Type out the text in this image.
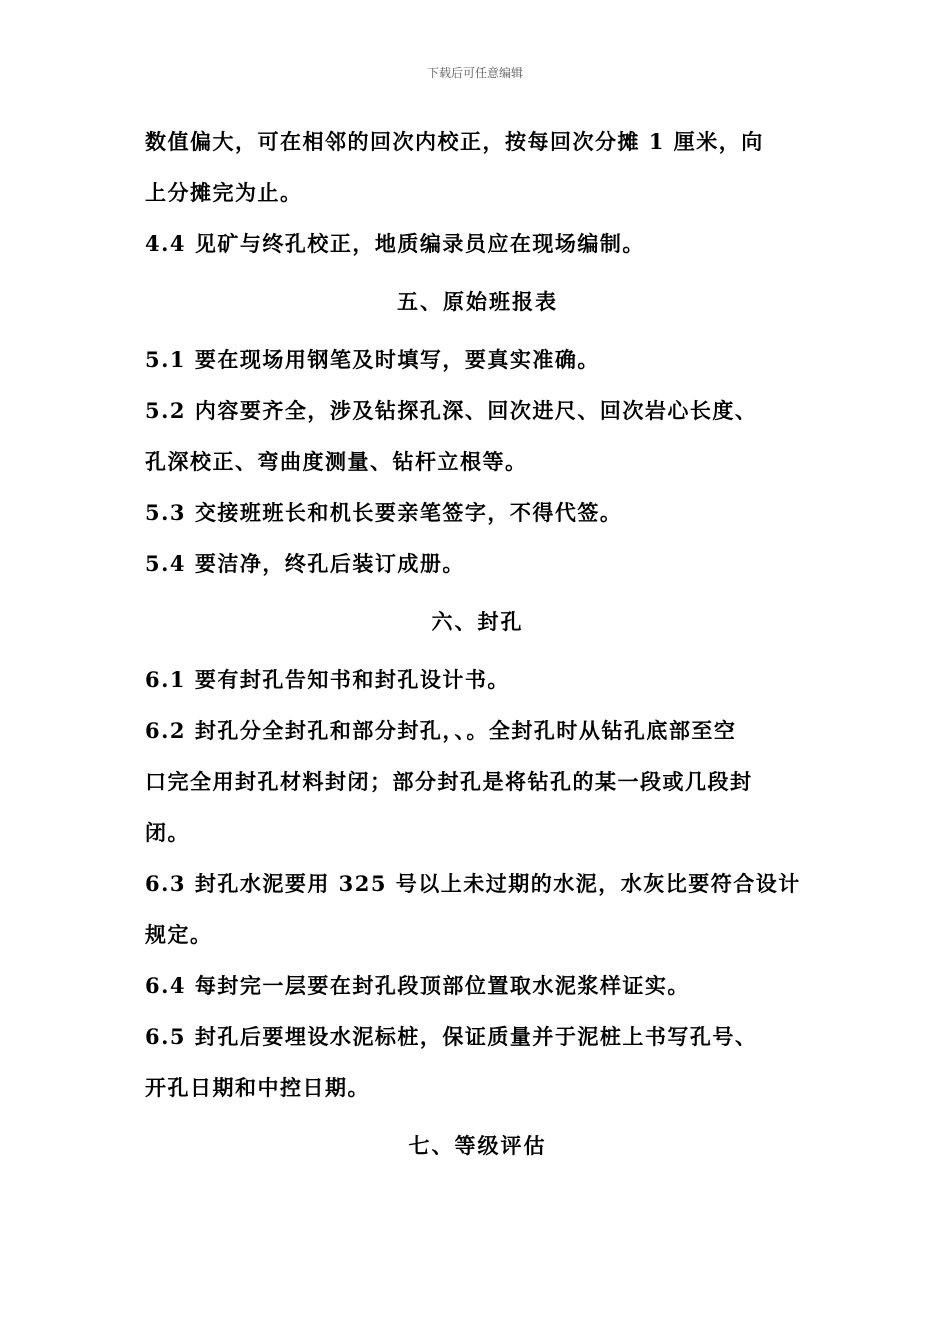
下载后可任意编辑
数值偏大，可在相邻的回次内校正，按每回次分摊 1 厘米，向
上分摊完为止。
4.4 见矿与终孔校正，地质编录员应在现场编制。
五、原始班报表
5.1 要在现场用钢笔及时填写，要真实准确。
5.2 内容要齐全，涉及钻探孔深、回次进尺、回次岩心长度、
孔深校正、弯曲度测量、钻杆立根等。
5.3 交接班班长和机长要亲笔签字，不得代签。
5.4 要洁净，终孔后装订成册。
六、封孔
6.1 要有封孔告知书和封孔设计书。
6.2 封孔分全封孔和部分封孔，、。全封孔时从钻孔底部至空
口完全用封孔材料封闭；部分封孔是将钻孔的某一段或几段封
闭。
6.3 封孔水泥要用 325 号以上未过期的水泥，水灰比要符合设计
规定。
6.4 每封完一层要在封孔段顶部位置取水泥浆样证实。
6.5 封孔后要埋设水泥标桩，保证质量并于泥桩上书写孔号、
开孔日期和中控日期。
七、等级评估
